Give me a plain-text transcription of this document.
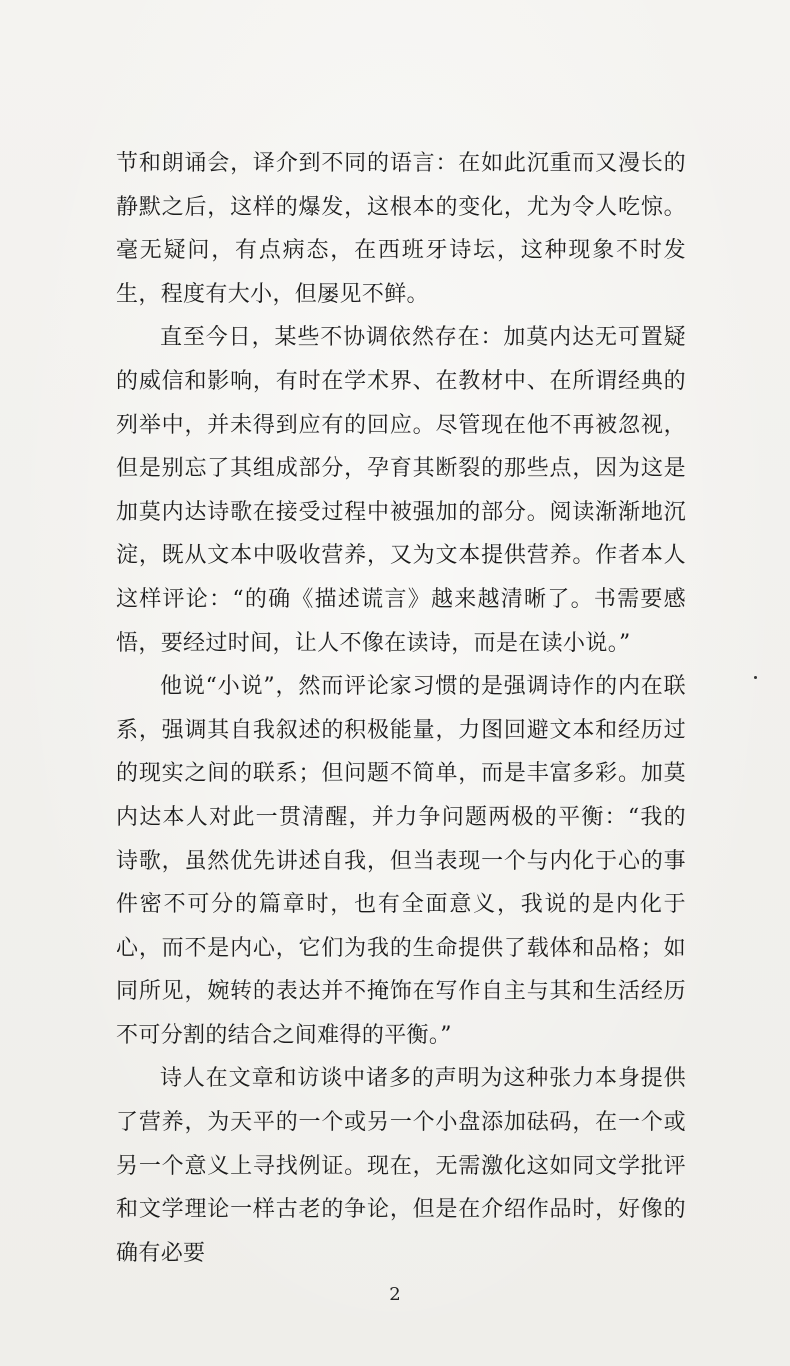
节和朗诵会，译介到不同的语言：在如此沉重而又漫长的静默之后，这样的爆发，这根本的变化，尤为令人吃惊。毫无疑问，有点病态，在西班牙诗坛，这种现象不时发生，程度有大小，但屡见不鲜。

直至今日，某些不协调依然存在：加莫内达无可置疑的威信和影响，有时在学术界、在教材中、在所谓经典的列举中，并未得到应有的回应。尽管现在他不再被忽视，但是别忘了其组成部分，孕育其断裂的那些点，因为这是加莫内达诗歌在接受过程中被强加的部分。阅读渐渐地沉淀，既从文本中吸收营养，又为文本提供营养。作者本人这样评论：“的确《描述谎言》越来越清晰了。书需要感悟，要经过时间，让人不像在读诗，而是在读小说。”

他说“小说”，然而评论家习惯的是强调诗作的内在联系，强调其自我叙述的积极能量，力图回避文本和经历过的现实之间的联系；但问题不简单，而是丰富多彩。加莫内达本人对此一贯清醒，并力争问题两极的平衡：“我的诗歌，虽然优先讲述自我，但当表现一个与内化于心的事件密不可分的篇章时，也有全面意义，我说的是内化于心，而不是内心，它们为我的生命提供了载体和品格；如同所见，婉转的表达并不掩饰在写作自主与其和生活经历不可分割的结合之间难得的平衡。”

诗人在文章和访谈中诸多的声明为这种张力本身提供了营养，为天平的一个或另一个小盘添加砝码，在一个或另一个意义上寻找例证。现在，无需激化这如同文学批评和文学理论一样古老的争论，但是在介绍作品时，好像的确有必要

2
